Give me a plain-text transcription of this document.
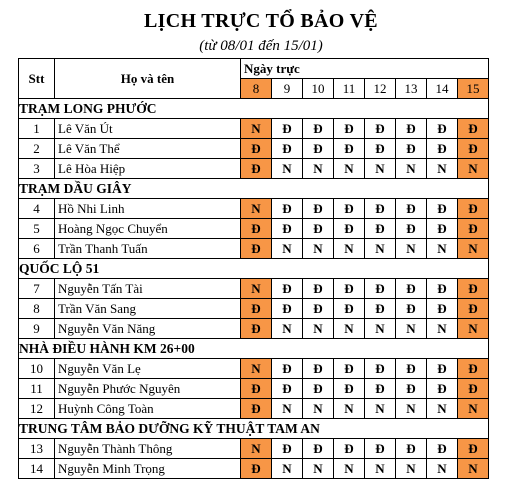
LỊCH TRỰC TỔ BẢO VỆ
(từ 08/01 đến 15/01)
Stt	Họ và tên	Ngày trực							
		8	9	10	11	12	13	14	15
TRẠM LONG PHƯỚC									
1	Lê Văn Út	N	Đ	Đ	Đ	Đ	Đ	Đ	Đ
2	Lê Văn Thể	Đ	Đ	Đ	Đ	Đ	Đ	Đ	Đ
3	Lê Hòa Hiệp	Đ	N	N	N	N	N	N	N
TRẠM DẦU GIÂY									
4	Hồ Nhi Linh	N	Đ	Đ	Đ	Đ	Đ	Đ	Đ
5	Hoàng Ngọc Chuyển	Đ	Đ	Đ	Đ	Đ	Đ	Đ	Đ
6	Trần Thanh Tuấn	Đ	N	N	N	N	N	N	N
QUỐC LỘ 51									
7	Nguyễn Tấn Tài	N	Đ	Đ	Đ	Đ	Đ	Đ	Đ
8	Trần Văn Sang	Đ	Đ	Đ	Đ	Đ	Đ	Đ	Đ
9	Nguyễn Văn Năng	Đ	N	N	N	N	N	N	N
NHÀ ĐIỀU HÀNH KM 26+00									
10	Nguyễn Văn Lẹ	N	Đ	Đ	Đ	Đ	Đ	Đ	Đ
11	Nguyễn Phước Nguyên	Đ	Đ	Đ	Đ	Đ	Đ	Đ	Đ
12	Huỳnh Công Toàn	Đ	N	N	N	N	N	N	N
TRUNG TÂM BẢO DƯỠNG KỸ THUẬT TAM AN									
13	Nguyễn Thành Thông	N	Đ	Đ	Đ	Đ	Đ	Đ	Đ
14	Nguyễn Minh Trọng	Đ	N	N	N	N	N	N	N
